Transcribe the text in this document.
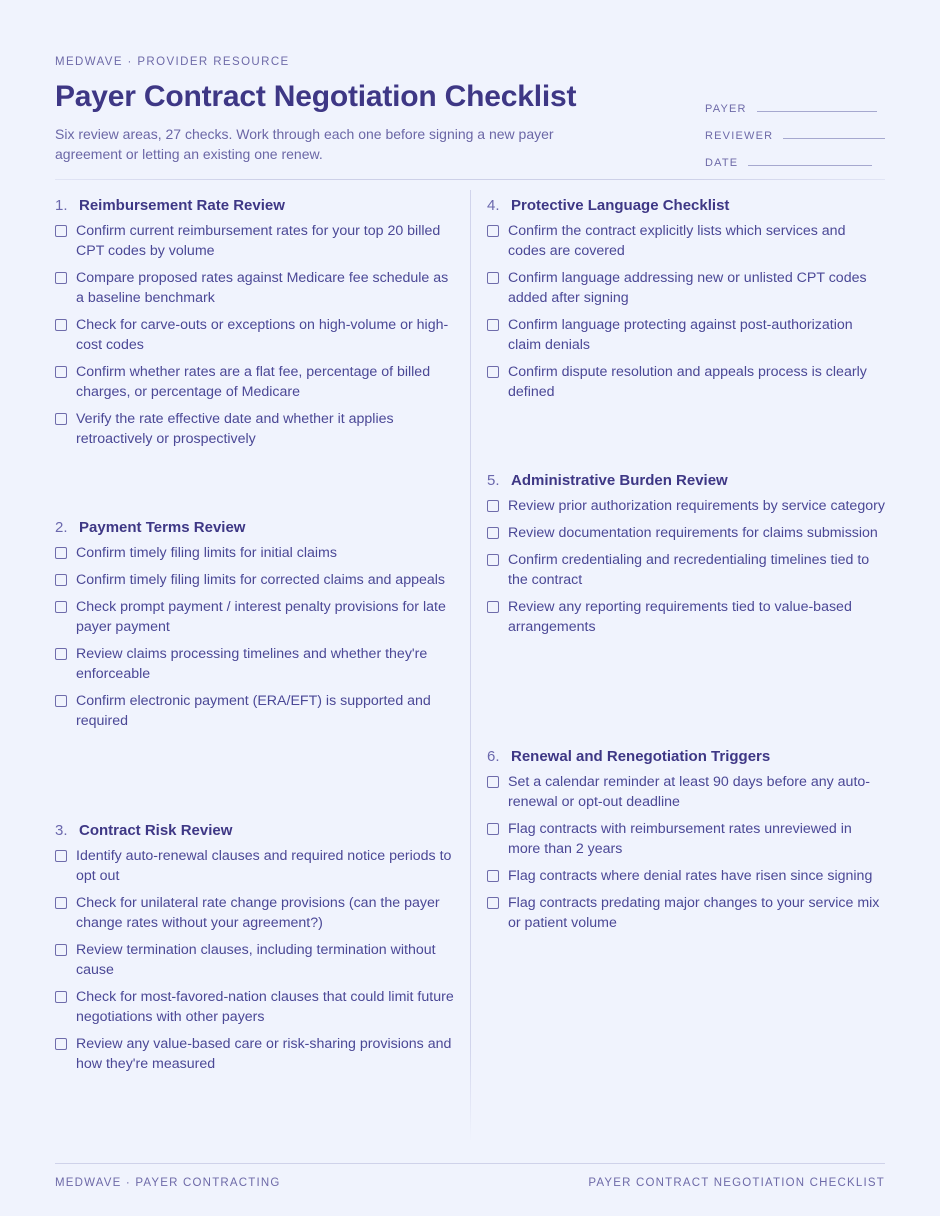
MEDWAVE · PROVIDER RESOURCE
Payer Contract Negotiation Checklist

Six review areas, 27 checks. Work through each one before signing a new payer agreement or letting an existing one renew.

PAYER
REVIEWER
DATE
1. Reimbursement Rate Review
Confirm current reimbursement rates for your top 20 billed CPT codes by volume
Compare proposed rates against Medicare fee schedule as a baseline benchmark
Check for carve-outs or exceptions on high-volume or high-cost codes
Confirm whether rates are a flat fee, percentage of billed charges, or percentage of Medicare
Verify the rate effective date and whether it applies retroactively or prospectively
2. Payment Terms Review
Confirm timely filing limits for initial claims
Confirm timely filing limits for corrected claims and appeals
Check prompt payment / interest penalty provisions for late payer payment
Review claims processing timelines and whether they're enforceable
Confirm electronic payment (ERA/EFT) is supported and required
3. Contract Risk Review
Identify auto-renewal clauses and required notice periods to opt out
Check for unilateral rate change provisions (can the payer change rates without your agreement?)
Review termination clauses, including termination without cause
Check for most-favored-nation clauses that could limit future negotiations with other payers
Review any value-based care or risk-sharing provisions and how they're measured
4. Protective Language Checklist
Confirm the contract explicitly lists which services and codes are covered
Confirm language addressing new or unlisted CPT codes added after signing
Confirm language protecting against post-authorization claim denials
Confirm dispute resolution and appeals process is clearly defined
5. Administrative Burden Review
Review prior authorization requirements by service category
Review documentation requirements for claims submission
Confirm credentialing and recredentialing timelines tied to the contract
Review any reporting requirements tied to value-based arrangements
6. Renewal and Renegotiation Triggers
Set a calendar reminder at least 90 days before any auto-renewal or opt-out deadline
Flag contracts with reimbursement rates unreviewed in more than 2 years
Flag contracts where denial rates have risen since signing
Flag contracts predating major changes to your service mix or patient volume
MEDWAVE · PAYER CONTRACTING	PAYER CONTRACT NEGOTIATION CHECKLIST
